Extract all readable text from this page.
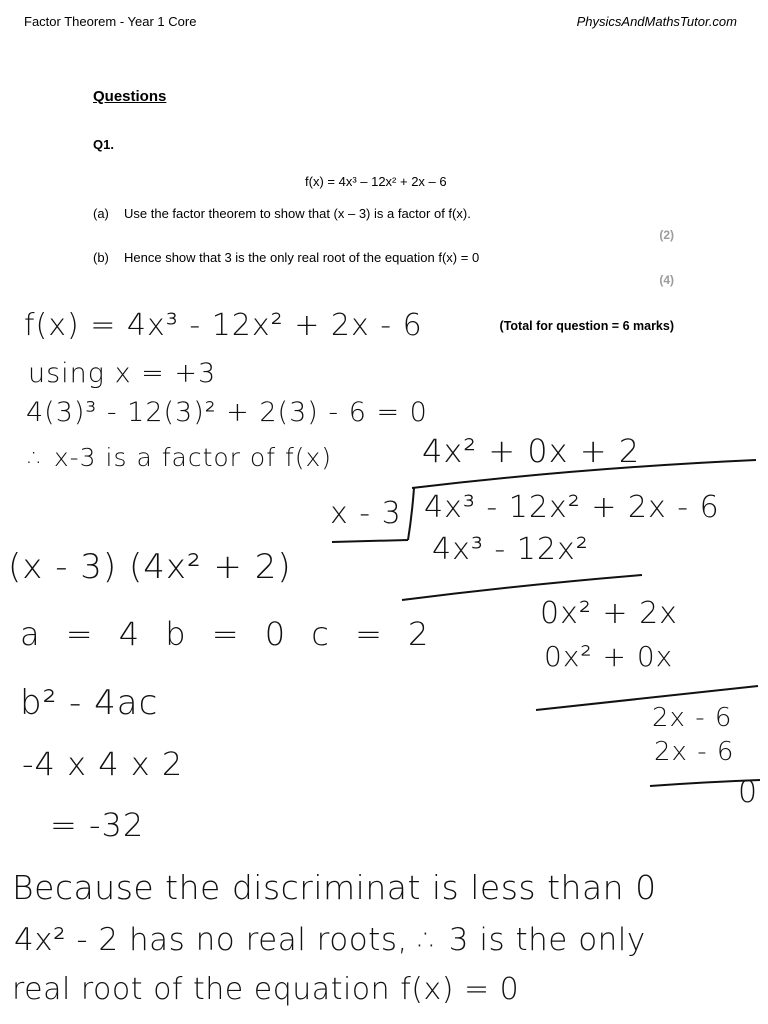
Factor Theorem - Year 1 Core	PhysicsAndMathsTutor.com
Questions
Q1.
f(x) = 4x³ – 12x² + 2x – 6
(a) Use the factor theorem to show that (x – 3) is a factor of f(x).
(2)
(b) Hence show that 3 is the only real root of the equation f(x) = 0
(4)
(Total for question = 6 marks)
f(x) = 4x³ - 12x² + 2x - 6
using x = +3
4(3)³ - 12(3)² + 2(3) - 6 = 0
∴ x-3 is a factor of f(x)	4x² + 0x + 2
x - 3 4x³ - 12x² + 2x - 6
4x³ - 12x²
0x² + 2x
0x² + 0x
2x - 6
2x - 6
0
(x - 3) (4x² + 2)
a = 4 b = 0 c = 2
b² - 4ac
-4 x 4 x 2
= -32
Because the discriminat is less than 0
4x² - 2 has no real roots, ∴ 3 is the only
real root of the equation f(x) = 0
